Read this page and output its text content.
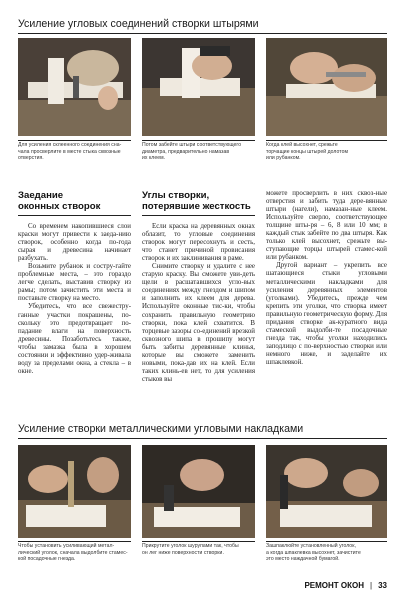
Усиление угловых соединений створки штырями
Для усиления склеенного соединения сна-
чала просверлите в месте стыка сквозные
отверстия.
Потом забейте штыри соответствующего
диаметра, предварительно намазав
их клеем.
Когда клей высохнет, срежьте
торчащие концы штырей долотом
или рубанком.
Заедание
оконных створок
Углы створки,
потерявшие жесткость

Со временем накопившиеся слои краски могут привести к заеда-нию створок, особенно когда по-года сырая и древесина начинает разбухать.

Возьмите рубанок и состру-гайте проблемные места, – это гораздо легче сделать, выставив створку из рамы; потом зачистить эти места и поставьте створку на место.

Убедитесь, что все свежестру-ганные участки покрашены, по-скольку это предотвращает по-падание влаги на поверхность древесины. Позаботьтесь также, чтобы замазка была в хорошем состоянии и эффективно удер-живала воду за пределами окна, а стекла – в окне.

Если краска на деревянных окнах облазит, то угловые соединения створок могут пересохнуть и сесть, что станет причиной провисания створок и их заклинивания в раме.

Снимите створку и удалите с нее старую краску. Вы сможете уви-деть щели в расшатавшихся угло-вых соединениях между гнездом и шипом и заполнить их клеем для дерева. Используйте оконные тис-ки, чтобы сохранить правильную геометрию створки, пока клей схватится. В торцевые зазоры со-единений врезкой сквозного шипа в прошипу могут быть забиты деревянные клинья, которые вы сможете заменить новыми, пока-дав их на клей. Если таких клинь-ев нет, то для усиления стыков вы

можете просверлить в них сквоз-ные отверстия и забить туда дере-вянные штыри (нагели), намазан-ные клеем. Используйте сверло, соответствующее толщине шты-ря – 6, 8 или 10 мм; в каждый стык забейте по два штыря. Как только клей высохнет, срежьте вы-ступающие торцы штырей стамес-кой или рубанком.

Другой вариант – укрепить все шатающиеся стыки угловыми металлическими накладками для усиления деревянных элементов (уголками). Убедитесь, прежде чем крепить эти уголки, что створка имеет правильную геометрическую форму. Для придания створке ак-куратного вида стамеской выдолби-те посадочные гнезда так, чтобы уголки находились заподлицо с по-верхностью створки или немного ниже, и заделайте их шпаклевкой.

Усиление створки металлическими угловыми накладками
Чтобы установить усиливающий метал-
лический уголок, сначала выдолбите стамес-
кой посадочные гнезда.
Прикрутите уголок шурупами так, чтобы
он лег ниже поверхности створки.
Зашпаклюйте установленный уголок,
а когда шпаклевка высохнет, зачистите
это место наждачной бумагой.
РЕМОНТ ОКОН | 33
